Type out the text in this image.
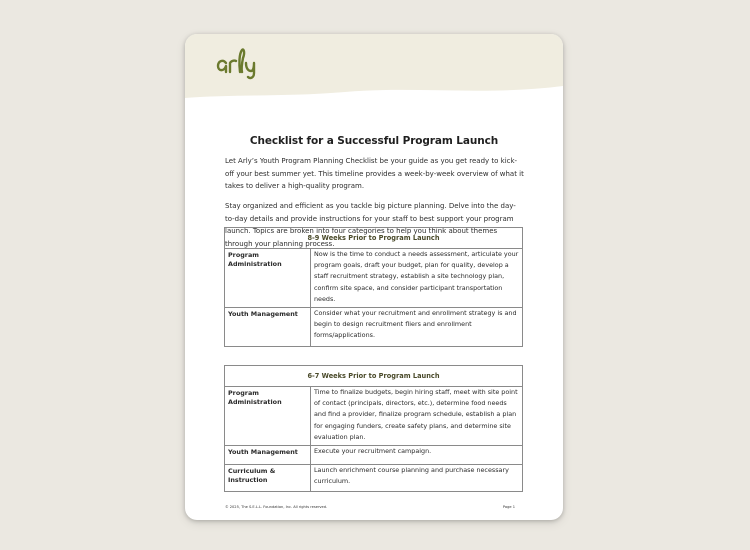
Checklist for a Successful Program Launch
Let Arly’s Youth Program Planning Checklist be your guide as you get ready to kick-off your best summer yet. This timeline provides a week-by-week overview of what it takes to deliver a high-quality program.
Stay organized and efficient as you tackle big picture planning. Delve into the day-to-day details and provide instructions for your staff to best support your program launch. Topics are broken into four categories to help you think about themes through your planning process.
8-9 Weeks Prior to Program Launch	
Program Administration	Now is the time to conduct a needs assessment, articulate your program goals, draft your budget, plan for quality, develop a staff recruitment strategy, establish a site technology plan, confirm site space, and consider participant transportation needs.
Youth Management	Consider what your recruitment and enrollment strategy is and begin to design recruitment fliers and enrollment forms/applications.
6-7 Weeks Prior to Program Launch	
Program Administration	Time to finalize budgets, begin hiring staff, meet with site point of contact (principals, directors, etc.), determine food needs and find a provider, finalize program schedule, establish a plan for engaging funders, create safety plans, and determine site evaluation plan.
Youth Management	Execute your recruitment campaign.
Curriculum & Instruction	Launch enrichment course planning and purchase necessary curriculum.
© 2025, The S.E.L.L. Foundation, Inc. All rights reserved.	Page 1
